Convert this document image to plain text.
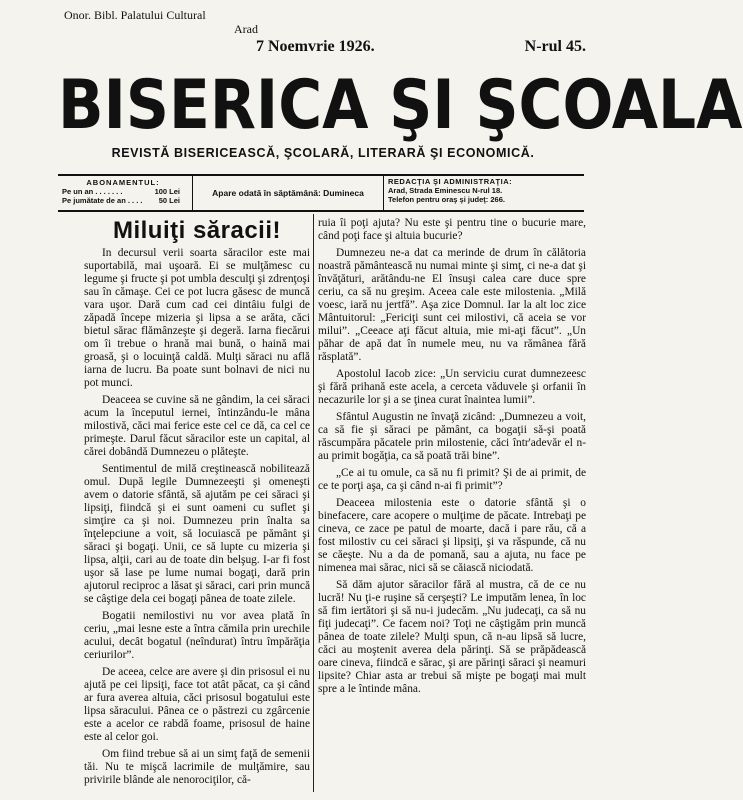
Onor. Bibl. Palatului Cultural
Arad
7 Noemvrie 1926.	N-rul 45.
BISERICA ŞI ŞCOALA
REVISTĂ BISERICEASCĂ, ŞCOLARĂ, LITERARĂ ŞI ECONOMICĂ.
ABONAMENTUL:
Pe un an . . . . . . .	100 Lei
Pe jumătate de an . . . . 50 Lei
Apare odată în săptămână: Dumineca
REDACŢIA ŞI ADMINISTRAŢIA:
Arad, Strada Eminescu N-rul 18.
Telefon pentru oraş şi judeţ: 266.
Miluiţi săracii!

In decursul verii soarta săracilor este mai suportabilă, mai uşoară. Ei se mulţămesc cu legume şi fructe şi pot umbla desculţi şi zdrenţoşi sau în cămaşe. Cei ce pot lucra găsesc de muncă vara uşor. Dară cum cad cei dintâiu fulgi de zăpadă începe mizeria şi lipsa a se arăta, căci bietul sărac flămânzeşte şi degeră. Iarna fiecărui om îi trebue o hrană mai bună, o haină mai groasă, şi o locuinţă caldă. Mulţi săraci nu află iarna de lucru. Ba poate sunt bolnavi de nici nu pot munci.

Deaceea se cuvine să ne gândim, la cei săraci acum la începutul iernei, întinzându-le mâna milostivă, căci mai ferice este cel ce dă, ca cel ce primeşte. Darul făcut săracilor este un capital, al cărei dobândă Dumnezeu o plăteşte.

Sentimentul de milă creştinească nobilitează omul. După legile Dumnezeeşti şi omeneşti avem o datorie sfântă, să ajutăm pe cei săraci şi lipsiţi, fiindcă şi ei sunt oameni cu suflet şi simţire ca şi noi. Dumnezeu prin înalta sa înţelepciune a voit, să locuiască pe pământ şi săraci şi bogaţi. Unii, ce să lupte cu mizeria şi lipsa, alţii, cari au de toate din belşug. I-ar fi fost uşor să lase pe lume numai bogaţi, dară prin ajutorul reciproc a lăsat şi săraci, cari prin muncă se câştige dela cei bogaţi pânea de toate zilele.

Bogatii nemilostivi nu vor avea plată în ceriu, „mai lesne este a întra cămila prin urechile acului, decât bogatul (neîndurat) întru împărăţia ceriurilor”.

De aceea, celce are avere şi din prisosul ei nu ajută pe cei lipsiţi, face tot atât păcat, ca şi când ar fura averea altuia, căci prisosul bogatului este lipsa săracului. Pânea ce o păstrezi cu zgârcenie este a acelor ce rabdă foame, prisosul de haine este al celor goi.

Om fiind trebue să ai un simţ faţă de semenii tăi. Nu te mişcă lacrimile de mulţămire, sau privirile blânde ale nenorociţilor, că-

ruia îi poţi ajuta? Nu este şi pentru tine o bucurie mare, când poţi face şi altuia bucurie?

Dumnezeu ne-a dat ca merinde de drum în călătoria noastră pământească nu numai minte şi simţ, ci ne-a dat şi învăţături, arătându-ne El însuşi calea care duce spre ceriu, ca să nu greşim. Aceea cale este milostenia. „Milă voesc, iară nu jertfă”. Aşa zice Domnul. Iar la alt loc zice Mântuitorul: „Fericiţi sunt cei milostivi, că aceia se vor milui”. „Ceeace aţi făcut altuia, mie mi-aţi făcut”. „Un păhar de apă dat în numele meu, nu va rămânea fără răsplată”.

Apostolul Iacob zice: „Un serviciu curat dumnezeesc şi fără prihană este acela, a cerceta văduvele şi orfanii în necazurile lor şi a se ţinea curat înaintea lumii”.

Sfântul Augustin ne învaţă zicând: „Dumnezeu a voit, ca să fie şi săraci pe pământ, ca bogaţii să-şi poată răscumpăra păcatele prin milostenie, căci într'adevăr el n-au primit bogăţia, ca să poată trăi bine”.

„Ce ai tu omule, ca să nu fi primit? Şi de ai primit, de ce te porţi aşa, ca şi când n-ai fi primit”?

Deaceea milostenia este o datorie sfântă şi o binefacere, care acopere o mulţime de păcate. Intrebaţi pe cineva, ce zace pe patul de moarte, dacă i pare rău, că a fost milostiv cu cei săraci şi lipsiţi, şi va răspunde, că nu se căeşte. Nu a da de pomană, sau a ajuta, nu face pe nimenea mai sărac, nici să se căiască niciodată.

Să dăm ajutor săracilor fără al mustra, că de ce nu lucră! Nu ţi-e ruşine să cerşeşti? Le imputăm lenea, în loc să fim iertători şi să nu-i judecăm. „Nu judecaţi, ca să nu fiţi judecaţi”. Ce facem noi? Toţi ne câştigăm prin muncă pânea de toate zilele? Mulţi spun, că n-au lipsă să lucre, căci au moştenit averea dela părinţi. Să se prăpădească oare cineva, fiindcă e sărac, şi are părinţi săraci şi neamuri lipsite? Chiar asta ar trebui să mişte pe bogaţi mai mult spre a le întinde mâna.
